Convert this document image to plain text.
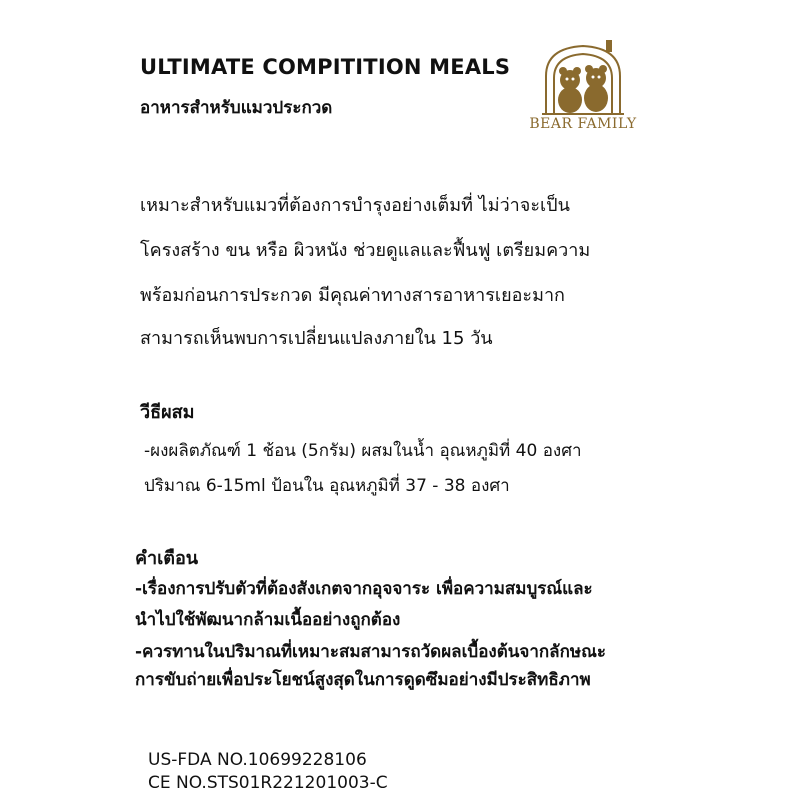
ULTIMATE COMPITITION MEALS
อาหารสำหรับแมวประกวด
BEAR FAMILY
เหมาะสำหรับแมวที่ต้องการบำรุงอย่างเต็มที่ ไม่ว่าจะเป็น
โครงสร้าง ขน หรือ ผิวหนัง ช่วยดูแลและฟื้นฟู เตรียมความ
พร้อมก่อนการประกวด มีคุณค่าทางสารอาหารเยอะมาก
สามารถเห็นพบการเปลี่ยนแปลงภายใน 15 วัน
วีธีผสม
-ผงผลิตภัณฑ์ 1 ช้อน (5กรัม) ผสมในน้ำ อุณหภูมิที่ 40 องศา
ปริมาณ 6-15ml ป้อนใน อุณหภูมิที่ 37 - 38 องศา
คำเตือน
-เรื่องการปรับตัวที่ต้องสังเกตจากอุจจาระ เพื่อความสมบูรณ์และ
นำไปใช้พัฒนากล้ามเนื้ออย่างถูกต้อง
-ควรทานในปริมาณที่เหมาะสมสามารถวัดผลเบื้องต้นจากลักษณะ
การขับถ่ายเพื่อประโยชน์สูงสุดในการดูดซึมอย่างมีประสิทธิภาพ
US-FDA NO.10699228106
CE NO.STS01R221201003-C
